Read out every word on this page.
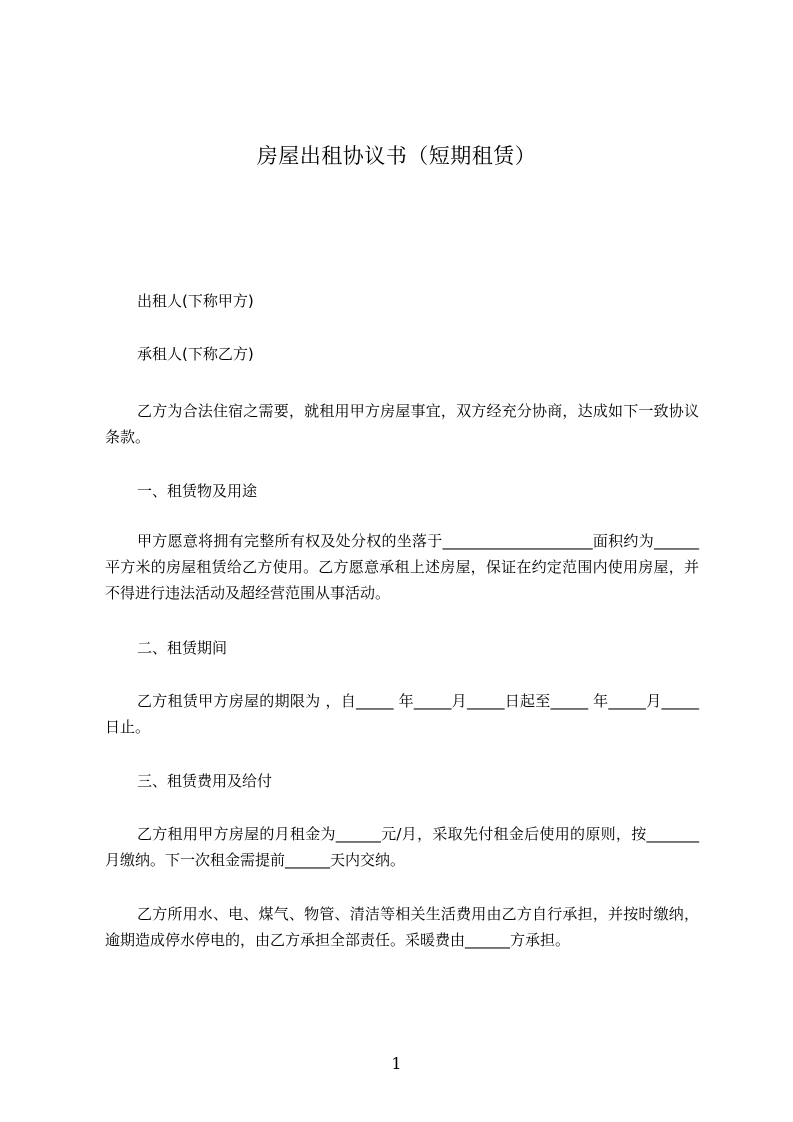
房屋出租协议书（短期租赁）

出租人(下称甲方)

承租人(下称乙方)

乙方为合法住宿之需要，就租用甲方房屋事宜，双方经充分协商，达成如下一致协议条款。

一、租赁物及用途

甲方愿意将拥有完整所有权及处分权的坐落于____________________面积约为______平方米的房屋租赁给乙方使用。乙方愿意承租上述房屋，保证在约定范围内使用房屋，并不得进行违法活动及超经营范围从事活动。

二、租赁期间

乙方租赁甲方房屋的期限为 ，自_____ 年_____月_____日起至_____ 年_____月_____日止。

三、租赁费用及给付

乙方租用甲方房屋的月租金为______元/月，采取先付租金后使用的原则，按_______月缴纳。下一次租金需提前______天内交纳。

乙方所用水、电、煤气、物管、清洁等相关生活费用由乙方自行承担，并按时缴纳，逾期造成停水停电的，由乙方承担全部责任。采暖费由______方承担。

1
